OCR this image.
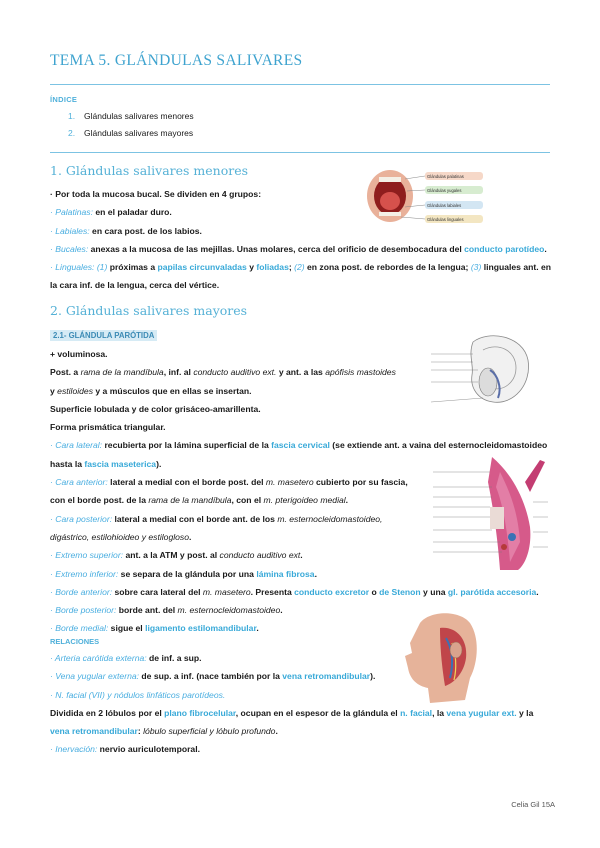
TEMA 5. GLÁNDULAS SALIVARES
ÍNDICE
1. Glándulas salivares menores
2. Glándulas salivares mayores
1. Glándulas salivares menores	Glándulas palatinas
Glándulas yugales
Glándulas labiales
Glándulas linguales

· Por toda la mucosa bucal. Se dividen en 4 grupos:

· Palatinas: en el paladar duro.

· Labiales: en cara post. de los labios.

· Bucales: anexas a la mucosa de las mejillas. Unas molares, cerca del orificio de desembocadura del conducto parotídeo.

· Linguales: (1) próximas a papilas circunvaladas y foliadas; (2) en zona post. de rebordes de la lengua; (3) linguales ant. en

la cara inf. de la lengua, cerca del vértice.

2. Glándulas salivares mayores
2.1- GLÁNDULA PARÓTIDA

+ voluminosa.

Post. a rama de la mandíbula, inf. al conducto auditivo ext. y ant. a las apófisis mastoides

y estiloides y a músculos que en ellas se insertan.

Superficie lobulada y de color grisáceo-amarillenta.

Forma prismática triangular.

· Cara lateral: recubierta por la lámina superficial de la fascia cervical (se extiende ant. a vaina del esternocleidomastoideo

hasta la fascia maseterica).

· Cara anterior: lateral a medial con el borde post. del m. masetero cubierto por su fascia,

con el borde post. de la rama de la mandíbula, con el m. pterigoideo medial.

· Cara posterior: lateral a medial con el borde ant. de los m. esternocleidomastoideo,

digástrico, estilohioideo y estilogloso.

· Extremo superior: ant. a la ATM y post. al conducto auditivo ext.

· Extremo inferior: se separa de la glándula por una lámina fibrosa.

· Borde anterior: sobre cara lateral del m. masetero. Presenta conducto excretor o de Stenon y una gl. parótida accesoria.

· Borde posterior: borde ant. del m. esternocleidomastoideo.

· Borde medial: sigue el ligamento estilomandibular.

RELACIONES

· Arteria carótida externa: de inf. a sup.

· Vena yugular externa: de sup. a inf. (nace también por la vena retromandibular).

· N. facial (VII) y nódulos linfáticos parotídeos.

Dividida en 2 lóbulos por el plano fibrocelular, ocupan en el espesor de la glándula el n. facial, la vena yugular ext. y la

vena retromandibular: lóbulo superficial y lóbulo profundo.

· Inervación: nervio auriculotemporal.

Celia Gil 15A
